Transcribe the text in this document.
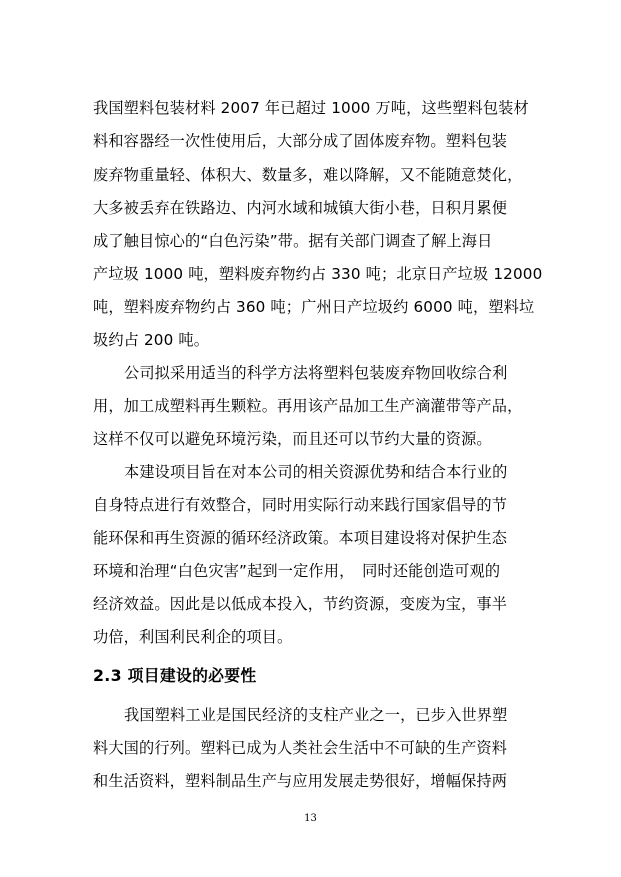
我国塑料包装材料 2007 年已超过 1000 万吨，这些塑料包装材
料和容器经一次性使用后，大部分成了固体废弃物。塑料包装
废弃物重量轻、体积大、数量多，难以降解，又不能随意焚化，
大多被丢弃在铁路边、内河水域和城镇大街小巷，日积月累便
成了触目惊心的“白色污染”带。据有关部门调查了解上海日
产垃圾 1000 吨，塑料废弃物约占 330 吨；北京日产垃圾 12000
吨，塑料废弃物约占 360 吨；广州日产垃圾约 6000 吨，塑料垃
圾约占 200 吨。
公司拟采用适当的科学方法将塑料包装废弃物回收综合利
用，加工成塑料再生颗粒。再用该产品加工生产滴灌带等产品，
这样不仅可以避免环境污染，而且还可以节约大量的资源。
本建设项目旨在对本公司的相关资源优势和结合本行业的
自身特点进行有效整合，同时用实际行动来践行国家倡导的节
能环保和再生资源的循环经济政策。本项目建设将对保护生态
环境和治理“白色灾害”起到一定作用，　同时还能创造可观的
经济效益。因此是以低成本投入，节约资源，变废为宝，事半
功倍，利国利民利企的项目。
2.3 项目建设的必要性
我国塑料工业是国民经济的支柱产业之一，已步入世界塑
料大国的行列。塑料已成为人类社会生活中不可缺的生产资料
和生活资料，塑料制品生产与应用发展走势很好，增幅保持两
13
